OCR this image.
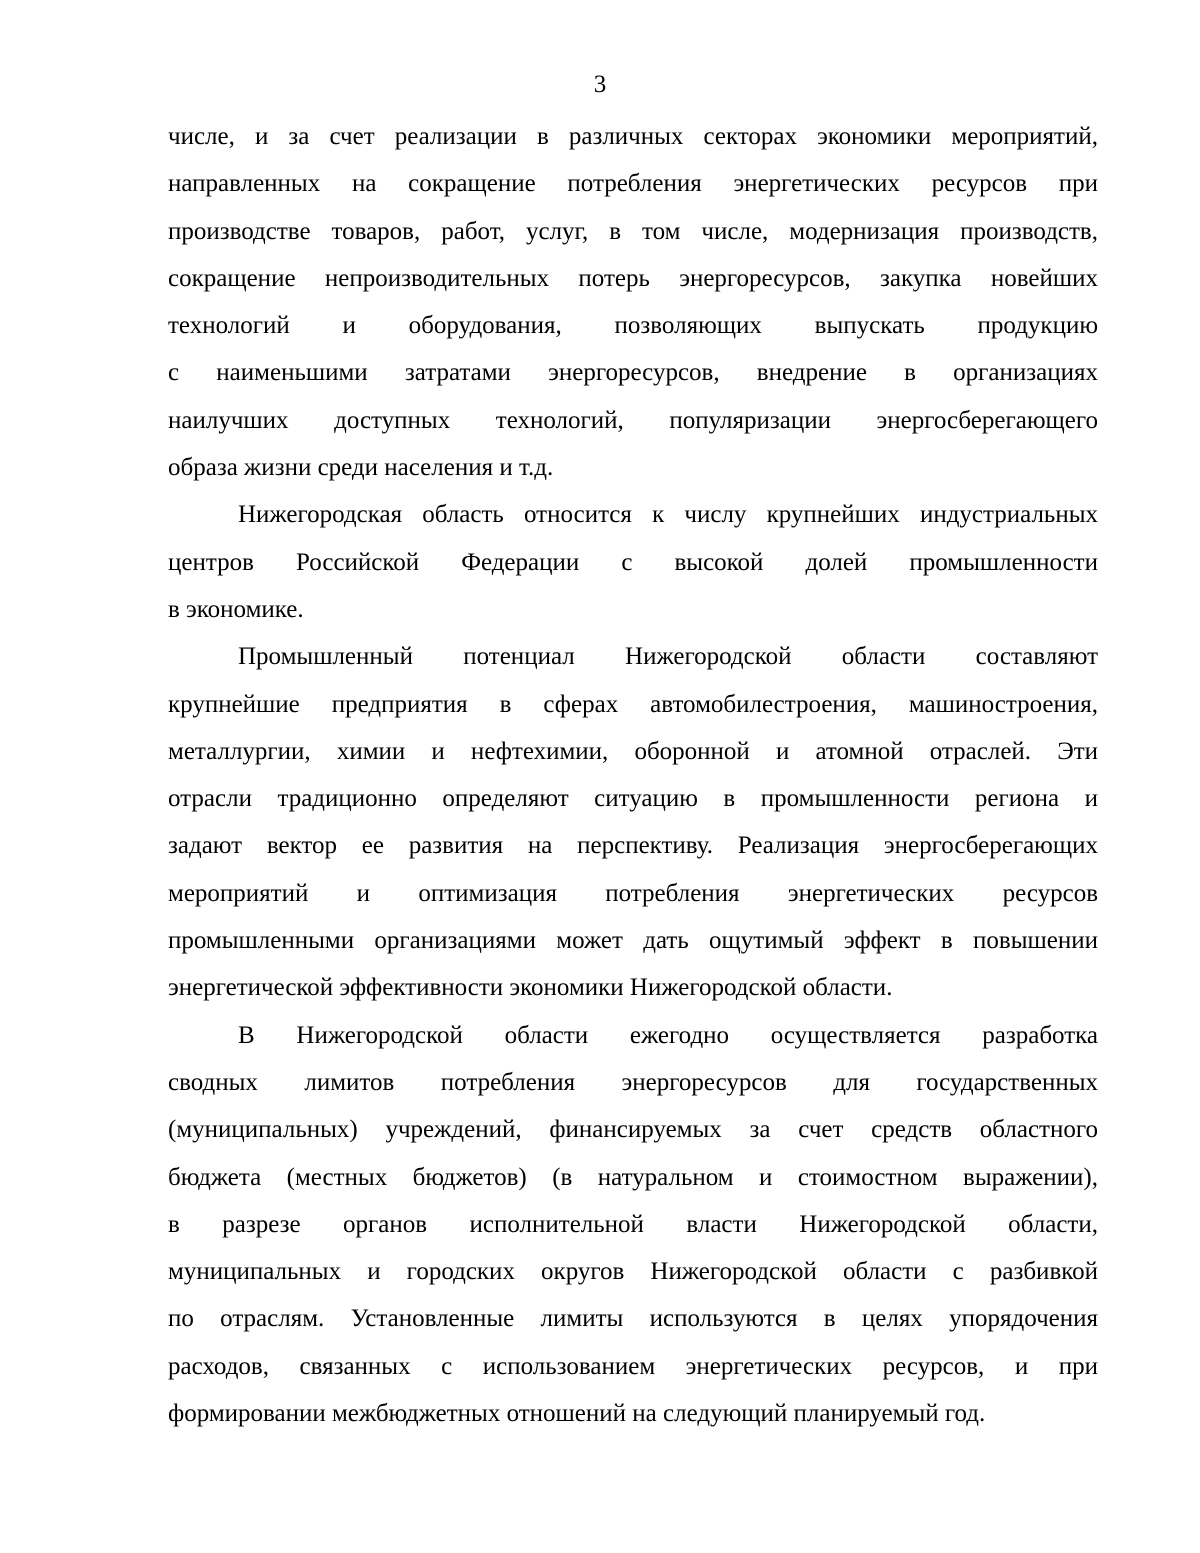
3

числе, и за счет реализации в различных секторах экономики мероприятий,
направленных на сокращение потребления энергетических ресурсов при
производстве товаров, работ, услуг, в том числе, модернизация производств,
сокращение непроизводительных потерь энергоресурсов, закупка новейших
технологий и оборудования, позволяющих выпускать продукцию
с наименьшими затратами энергоресурсов, внедрение в организациях
наилучших доступных технологий, популяризации энергосберегающего
образа жизни среди населения и т.д.

Нижегородская область относится к числу крупнейших индустриальных
центров Российской Федерации с высокой долей промышленности
в экономике.

Промышленный потенциал Нижегородской области составляют
крупнейшие предприятия в сферах автомобилестроения, машиностроения,
металлургии, химии и нефтехимии, оборонной и атомной отраслей. Эти
отрасли традиционно определяют ситуацию в промышленности региона и
задают вектор ее развития на перспективу. Реализация энергосберегающих
мероприятий и оптимизация потребления энергетических ресурсов
промышленными организациями может дать ощутимый эффект в повышении
энергетической эффективности экономики Нижегородской области.

В Нижегородской области ежегодно осуществляется разработка
сводных лимитов потребления энергоресурсов для государственных
(муниципальных) учреждений, финансируемых за счет средств областного
бюджета (местных бюджетов) (в натуральном и стоимостном выражении),
в разрезе органов исполнительной власти Нижегородской области,
муниципальных и городских округов Нижегородской области с разбивкой
по отраслям. Установленные лимиты используются в целях упорядочения
расходов, связанных с использованием энергетических ресурсов, и при
формировании межбюджетных отношений на следующий планируемый год.
